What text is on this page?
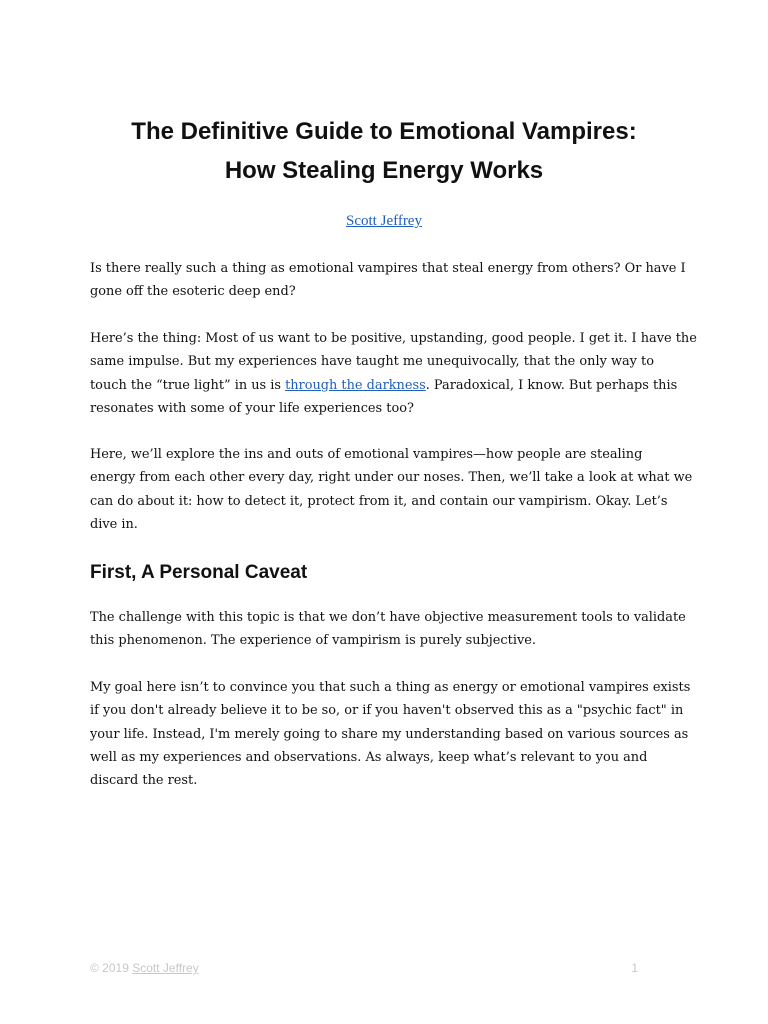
The Definitive Guide to Emotional Vampires:
How Stealing Energy Works
Scott Jeffrey

Is there really such a thing as emotional vampires that steal energy from others? Or have I
gone off the esoteric deep end?

Here’s the thing: Most of us want to be positive, upstanding, good people. I get it. I have the
same impulse. But my experiences have taught me unequivocally, that the only way to
touch the “true light” in us is through the darkness. Paradoxical, I know. But perhaps this
resonates with some of your life experiences too?

Here, we’ll explore the ins and outs of emotional vampires—how people are stealing
energy from each other every day, right under our noses. Then, we’ll take a look at what we
can do about it: how to detect it, protect from it, and contain our vampirism. Okay. Let’s
dive in.

First, A Personal Caveat

The challenge with this topic is that we don’t have objective measurement tools to validate
this phenomenon. The experience of vampirism is purely subjective.

My goal here isn’t to convince you that such a thing as energy or emotional vampires exists
if you don't already believe it to be so, or if you haven't observed this as a "psychic fact" in
your life. Instead, I'm merely going to share my understanding based on various sources as
well as my experiences and observations. As always, keep what’s relevant to you and
discard the rest.

© 2019 Scott Jeffrey	1
